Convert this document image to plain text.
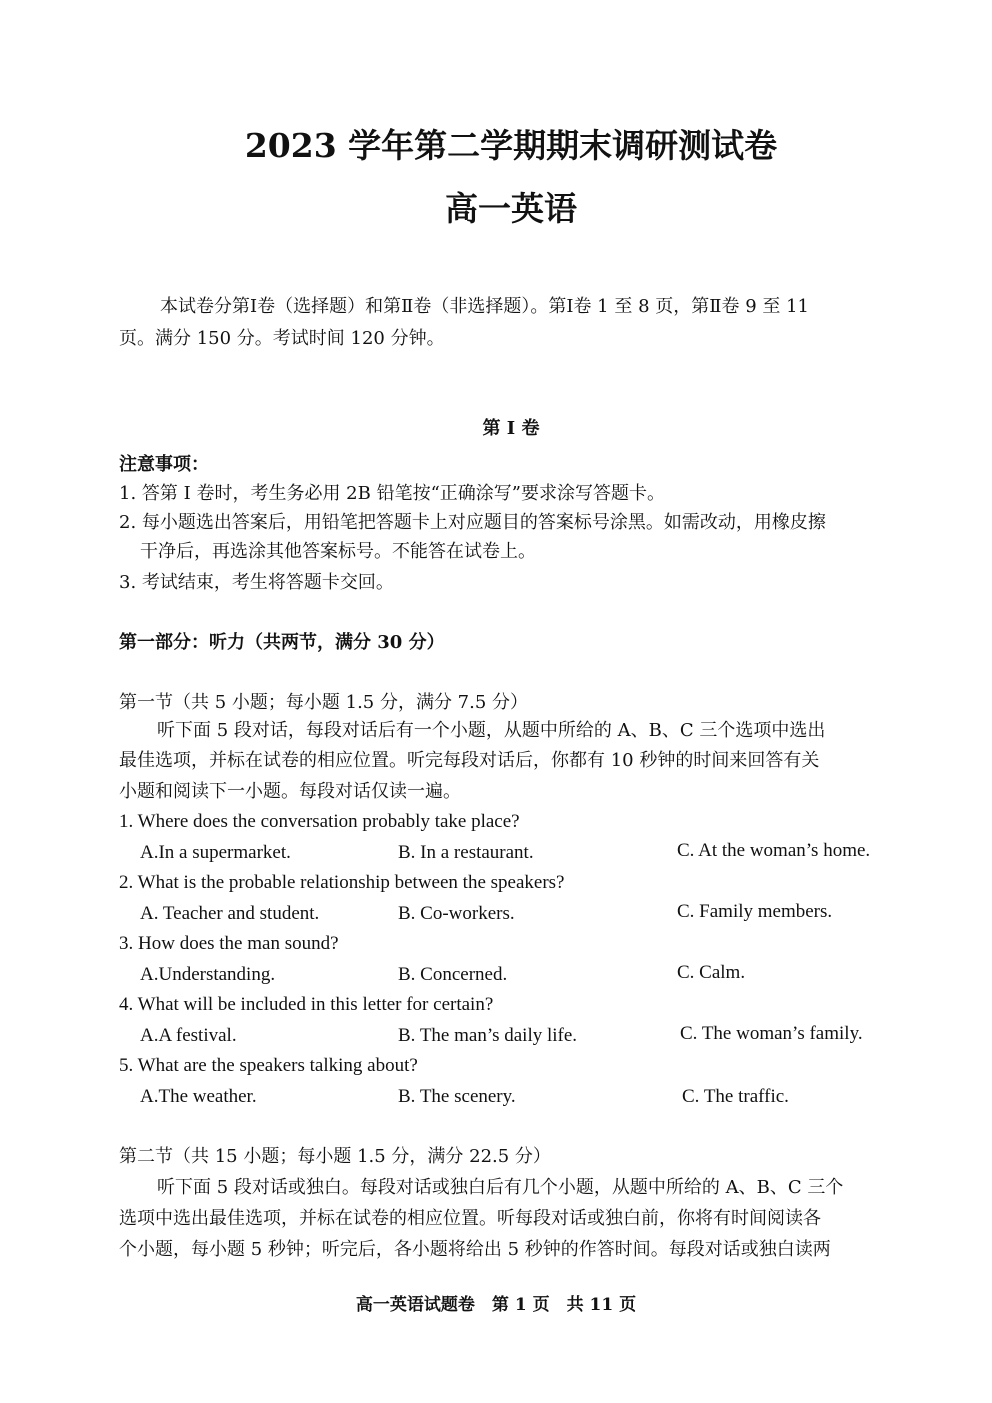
2023 学年第二学期期末调研测试卷
高一英语
本试卷分第Ⅰ卷（选择题）和第Ⅱ卷（非选择题）。第Ⅰ卷 1 至 8 页，第Ⅱ卷 9 至 11
页。满分 150 分。考试时间 120 分钟。
第 I 卷
注意事项：
1. 答第 I 卷时，考生务必用 2B 铅笔按“正确涂写”要求涂写答题卡。
2. 每小题选出答案后，用铅笔把答题卡上对应题目的答案标号涂黑。如需改动，用橡皮擦
干净后，再选涂其他答案标号。不能答在试卷上。
3. 考试结束，考生将答题卡交回。
第一部分：听力（共两节，满分 30 分）
第一节（共 5 小题；每小题 1.5 分，满分 7.5 分）
听下面 5 段对话，每段对话后有一个小题，从题中所给的 A、B、C 三个选项中选出
最佳选项，并标在试卷的相应位置。听完每段对话后，你都有 10 秒钟的时间来回答有关
小题和阅读下一小题。每段对话仅读一遍。
1. Where does the conversation probably take place?
A.In a supermarket.	B. In a restaurant.	C. At the woman’s home.
2. What is the probable relationship between the speakers?
A. Teacher and student.	B. Co-workers.	C. Family members.
3. How does the man sound?
A.Understanding.	B. Concerned.	C. Calm.
4. What will be included in this letter for certain?
A.A festival.	B. The man’s daily life.	C. The woman’s family.
5. What are the speakers talking about?
A.The weather.	B. The scenery.	C. The traffic.
第二节（共 15 小题；每小题 1.5 分，满分 22.5 分）
听下面 5 段对话或独白。每段对话或独白后有几个小题，从题中所给的 A、B、C 三个
选项中选出最佳选项，并标在试卷的相应位置。听每段对话或独白前，你将有时间阅读各
个小题，每小题 5 秒钟；听完后，各小题将给出 5 秒钟的作答时间。每段对话或独白读两
高一英语试题卷　第 1 页　共 11 页
